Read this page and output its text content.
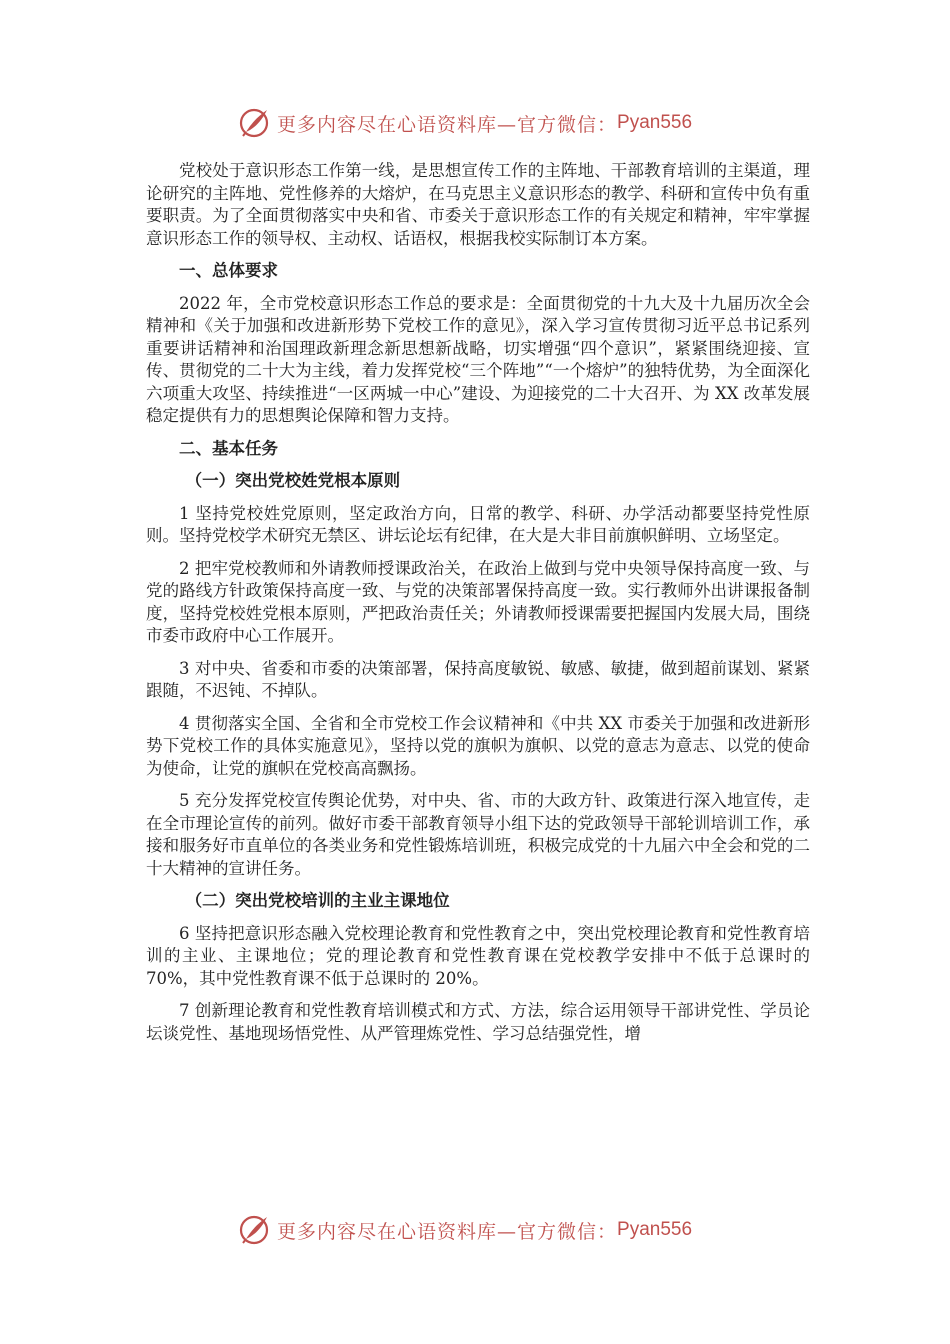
更多内容尽在心语资料库—官方微信： Pyan556

党校处于意识形态工作第一线，是思想宣传工作的主阵地、干部教育培训的主渠道，理论研究的主阵地、党性修养的大熔炉，在马克思主义意识形态的教学、科研和宣传中负有重要职责。为了全面贯彻落实中央和省、市委关于意识形态工作的有关规定和精神，牢牢掌握意识形态工作的领导权、主动权、话语权，根据我校实际制订本方案。

一、总体要求

2022 年，全市党校意识形态工作总的要求是：全面贯彻党的十九大及十九届历次全会精神和《关于加强和改进新形势下党校工作的意见》，深入学习宣传贯彻习近平总书记系列重要讲话精神和治国理政新理念新思想新战略，切实增强“四个意识”，紧紧围绕迎接、宣传、贯彻党的二十大为主线，着力发挥党校“三个阵地”“一个熔炉”的独特优势，为全面深化六项重大攻坚、持续推进“一区两城一中心”建设、为迎接党的二十大召开、为 XX 改革发展稳定提供有力的思想舆论保障和智力支持。

二、基本任务
（一）突出党校姓党根本原则

1 坚持党校姓党原则，坚定政治方向，日常的教学、科研、办学活动都要坚持党性原则。坚持党校学术研究无禁区、讲坛论坛有纪律，在大是大非目前旗帜鲜明、立场坚定。

2 把牢党校教师和外请教师授课政治关，在政治上做到与党中央领导保持高度一致、与党的路线方针政策保持高度一致、与党的决策部署保持高度一致。实行教师外出讲课报备制度，坚持党校姓党根本原则，严把政治责任关；外请教师授课需要把握国内发展大局，围绕市委市政府中心工作展开。

3 对中央、省委和市委的决策部署，保持高度敏锐、敏感、敏捷，做到超前谋划、紧紧跟随，不迟钝、不掉队。

4 贯彻落实全国、全省和全市党校工作会议精神和《中共 XX 市委关于加强和改进新形势下党校工作的具体实施意见》，坚持以党的旗帜为旗帜、以党的意志为意志、以党的使命为使命，让党的旗帜在党校高高飘扬。

5 充分发挥党校宣传舆论优势，对中央、省、市的大政方针、政策进行深入地宣传，走在全市理论宣传的前列。做好市委干部教育领导小组下达的党政领导干部轮训培训工作，承接和服务好市直单位的各类业务和党性锻炼培训班，积极完成党的十九届六中全会和党的二十大精神的宣讲任务。

（二）突出党校培训的主业主课地位

6 坚持把意识形态融入党校理论教育和党性教育之中，突出党校理论教育和党性教育培训的主业、主课地位；党的理论教育和党性教育课在党校教学安排中不低于总课时的 70%，其中党性教育课不低于总课时的 20%。

7 创新理论教育和党性教育培训模式和方式、方法，综合运用领导干部讲党性、学员论坛谈党性、基地现场悟党性、从严管理炼党性、学习总结强党性，增

更多内容尽在心语资料库—官方微信： Pyan556
